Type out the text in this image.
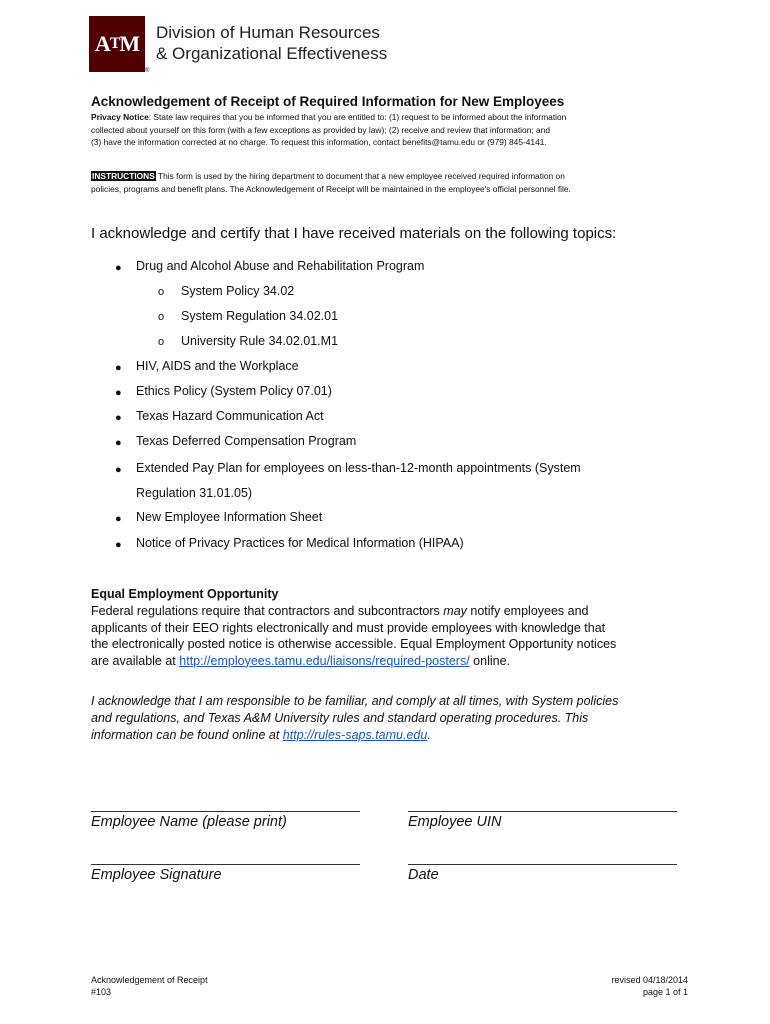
A T M
®
Division of Human Resources
& Organizational Effectiveness
Acknowledgement of Receipt of Required Information for New Employees
Privacy Notice: State law requires that you be informed that you are entitled to: (1) request to be informed about the information
collected about yourself on this form (with a few exceptions as provided by law); (2) receive and review that information; and
(3) have the information corrected at no charge. To request this information, contact benefits@tamu.edu or (979) 845-4141.
INSTRUCTIONS This form is used by the hiring department to document that a new employee received required information on
policies, programs and benefit plans. The Acknowledgement of Receipt will be maintained in the employee's official personnel file.
I acknowledge and certify that I have received materials on the following topics:
● Drug and Alcohol Abuse and Rehabilitation Program
o System Policy 34.02
o System Regulation 34.02.01
o University Rule 34.02.01.M1
● HIV, AIDS and the Workplace
● Ethics Policy (System Policy 07.01)
● Texas Hazard Communication Act
● Texas Deferred Compensation Program
● Extended Pay Plan for employees on less-than-12-month appointments (System
Regulation 31.01.05)
● New Employee Information Sheet
● Notice of Privacy Practices for Medical Information (HIPAA)
Equal Employment Opportunity
Federal regulations require that contractors and subcontractors may notify employees and
applicants of their EEO rights electronically and must provide employees with knowledge that
the electronically posted notice is otherwise accessible. Equal Employment Opportunity notices
are available at http://employees.tamu.edu/liaisons/required-posters/ online.
I acknowledge that I am responsible to be familiar, and comply at all times, with System policies
and regulations, and Texas A&M University rules and standard operating procedures. This
information can be found online at http://rules-saps.tamu.edu.
Employee Name (please print)	Employee UIN
Employee Signature	Date
Acknowledgement of Receipt
#103
revised 04/18/2014
page 1 of 1
